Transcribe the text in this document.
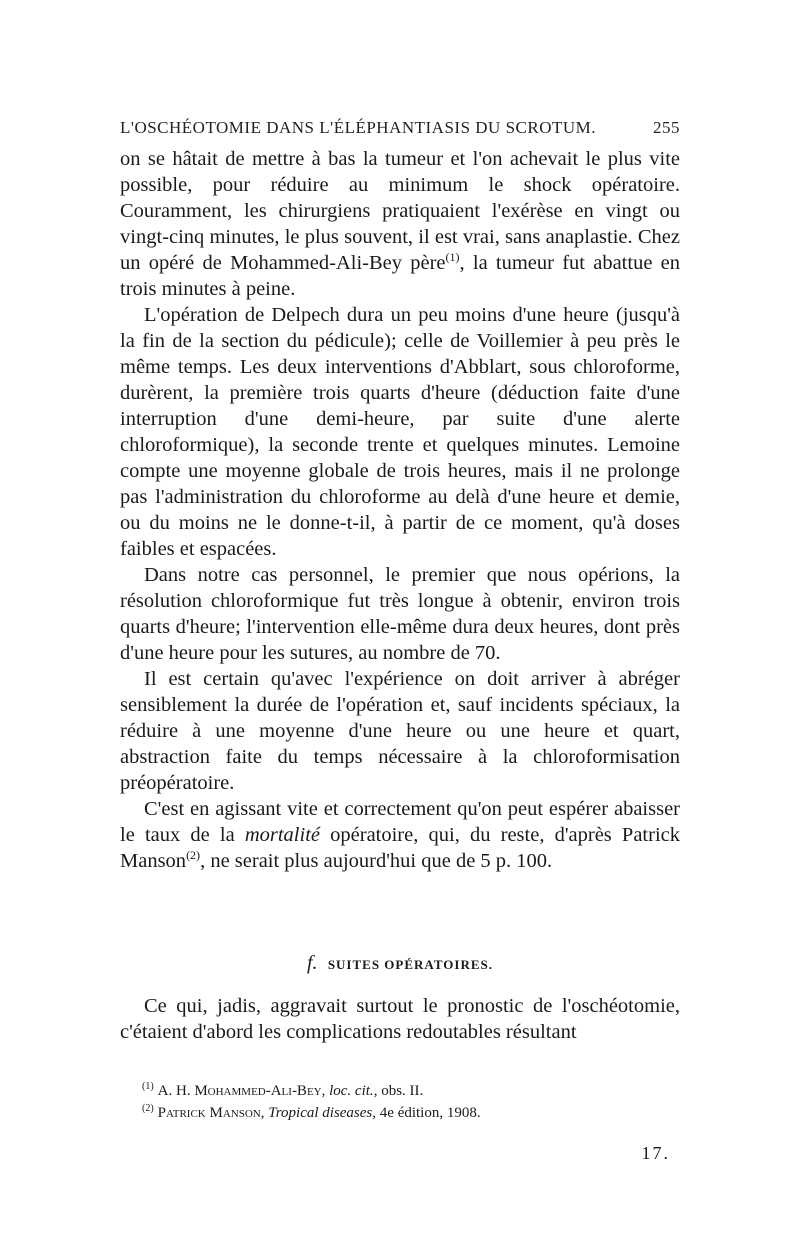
L'OSCHÉOTOMIE DANS L'ÉLÉPHANTIASIS DU SCROTUM.	255

on se hâtait de mettre à bas la tumeur et l'on achevait le plus vite possible, pour réduire au minimum le shock opératoire. Couramment, les chirurgiens pratiquaient l'exérèse en vingt ou vingt-cinq minutes, le plus souvent, il est vrai, sans anaplastie. Chez un opéré de Mohammed-Ali-Bey père$^{(1)}$, la tumeur fut abattue en trois minutes à peine.

L'opération de Delpech dura un peu moins d'une heure (jusqu'à la fin de la section du pédicule); celle de Voillemier à peu près le même temps. Les deux interventions d'Abblart, sous chloroforme, durèrent, la première trois quarts d'heure (déduction faite d'une interruption d'une demi-heure, par suite d'une alerte chloroformique), la seconde trente et quelques minutes. Lemoine compte une moyenne globale de trois heures, mais il ne prolonge pas l'administration du chloroforme au delà d'une heure et demie, ou du moins ne le donne-t-il, à partir de ce moment, qu'à doses faibles et espacées.

Dans notre cas personnel, le premier que nous opérions, la résolution chloroformique fut très longue à obtenir, environ trois quarts d'heure; l'intervention elle-même dura deux heures, dont près d'une heure pour les sutures, au nombre de 70.

Il est certain qu'avec l'expérience on doit arriver à abréger sensiblement la durée de l'opération et, sauf incidents spéciaux, la réduire à une moyenne d'une heure ou une heure et quart, abstraction faite du temps nécessaire à la chloroformisation préopératoire.

C'est en agissant vite et correctement qu'on peut espérer abaisser le taux de la mortalité opératoire, qui, du reste, d'après Patrick Manson$^{(2)}$, ne serait plus aujourd'hui que de 5 p. 100.

f. SUITES OPÉRATOIRES.

Ce qui, jadis, aggravait surtout le pronostic de l'oschéotomie, c'étaient d'abord les complications redoutables résultant

$^{(1)}$ A. H. Mohammed-Ali-Bey, loc. cit., obs. II.

$^{(2)}$ Patrick Manson, Tropical diseases, 4e édition, 1908.

17.
